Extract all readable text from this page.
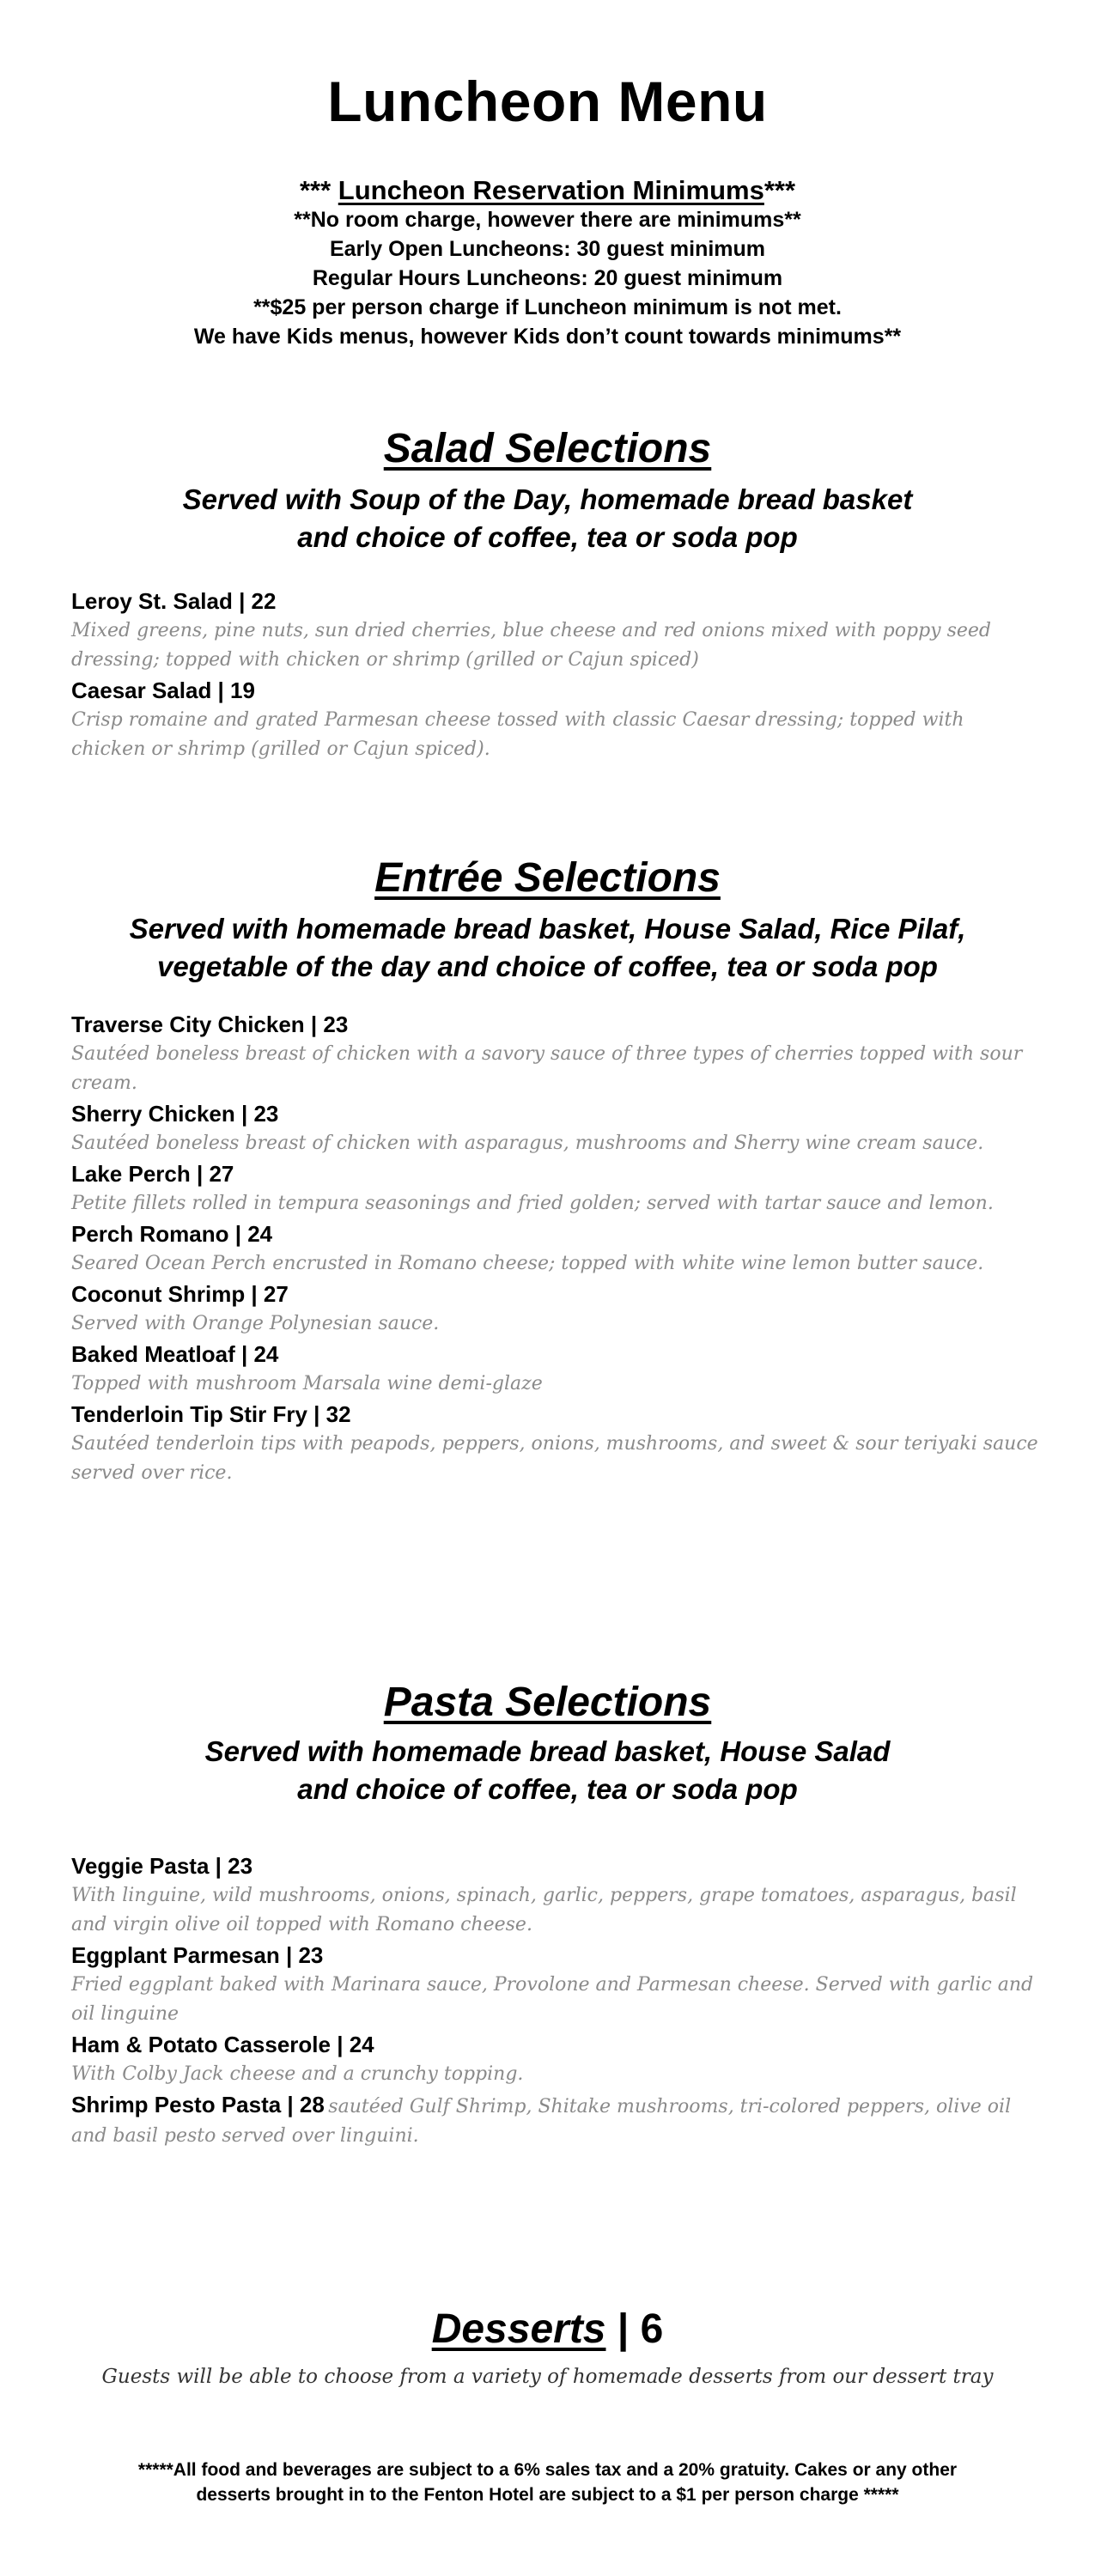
Luncheon Menu
*** Luncheon Reservation Minimums***
**No room charge, however there are minimums**
Early Open Luncheons: 30 guest minimum
Regular Hours Luncheons: 20 guest minimum
**$25 per person charge if Luncheon minimum is not met.
We have Kids menus, however Kids don’t count towards minimums**
Salad Selections
Served with Soup of the Day, homemade bread basket
and choice of coffee, tea or soda pop
Leroy St. Salad | 22
Mixed greens, pine nuts, sun dried cherries, blue cheese and red onions mixed with poppy seed dressing; topped with chicken or shrimp (grilled or Cajun spiced)
Caesar Salad | 19
Crisp romaine and grated Parmesan cheese tossed with classic Caesar dressing; topped with chicken or shrimp (grilled or Cajun spiced).
Entrée Selections
Served with homemade bread basket, House Salad, Rice Pilaf,
vegetable of the day and choice of coffee, tea or soda pop
Traverse City Chicken | 23
Sautéed boneless breast of chicken with a savory sauce of three types of cherries topped with sour cream.
Sherry Chicken | 23
Sautéed boneless breast of chicken with asparagus, mushrooms and Sherry wine cream sauce.
Lake Perch | 27
Petite fillets rolled in tempura seasonings and fried golden; served with tartar sauce and lemon.
Perch Romano | 24
Seared Ocean Perch encrusted in Romano cheese; topped with white wine lemon butter sauce.
Coconut Shrimp | 27
Served with Orange Polynesian sauce.
Baked Meatloaf | 24
Topped with mushroom Marsala wine demi-glaze
Tenderloin Tip Stir Fry | 32
Sautéed tenderloin tips with peapods, peppers, onions, mushrooms, and sweet & sour teriyaki sauce served over rice.
Pasta Selections
Served with homemade bread basket, House Salad
and choice of coffee, tea or soda pop
Veggie Pasta | 23
With linguine, wild mushrooms, onions, spinach, garlic, peppers, grape tomatoes, asparagus, basil and virgin olive oil topped with Romano cheese.
Eggplant Parmesan | 23
Fried eggplant baked with Marinara sauce, Provolone and Parmesan cheese. Served with garlic and oil linguine
Ham & Potato Casserole | 24
With Colby Jack cheese and a crunchy topping.
Shrimp Pesto Pasta | 28 sautéed Gulf Shrimp, Shitake mushrooms, tri-colored peppers, olive oil and basil pesto served over linguini.
Desserts | 6
Guests will be able to choose from a variety of homemade desserts from our dessert tray
*****All food and beverages are subject to a 6% sales tax and a 20% gratuity. Cakes or any other
desserts brought in to the Fenton Hotel are subject to a $1 per person charge *****
